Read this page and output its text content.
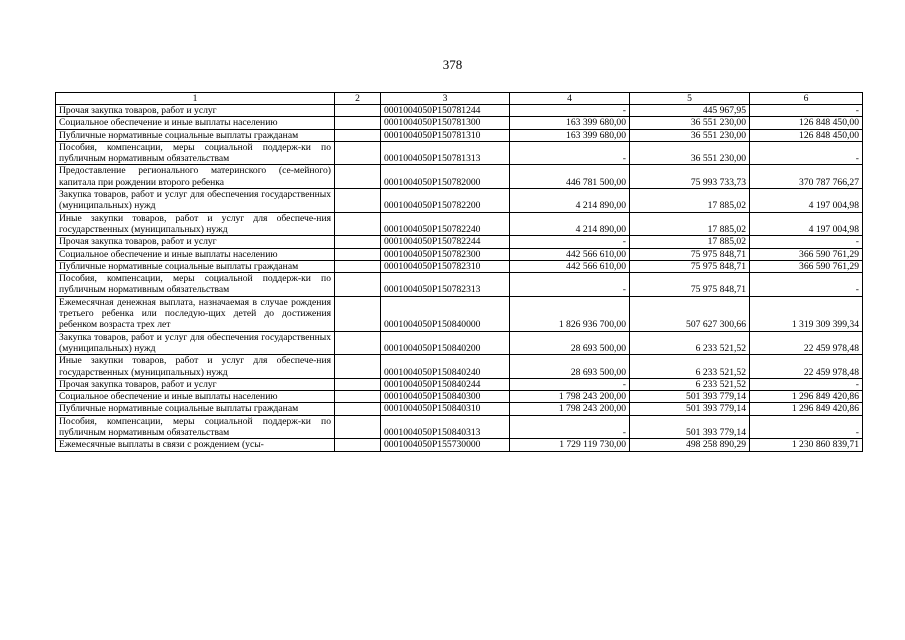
378
1	2	3	4	5	6
Прочая закупка товаров, работ и услуг		0001004050P150781244	-	445 967,95	-
Социальное обеспечение и иные выплаты населению		0001004050P150781300	163 399 680,00	36 551 230,00	126 848 450,00
Публичные нормативные социальные выплаты гражданам		0001004050P150781310	163 399 680,00	36 551 230,00	126 848 450,00
Пособия, компенсации, меры социальной поддерж-ки по публичным нормативным обязательствам		0001004050P150781313	-	36 551 230,00	-
Предоставление регионального материнского (се-мейного) капитала при рождении второго ребенка		0001004050P150782000	446 781 500,00	75 993 733,73	370 787 766,27
Закупка товаров, работ и услуг для обеспечения государственных (муниципальных) нужд		0001004050P150782200	4 214 890,00	17 885,02	4 197 004,98
Иные закупки товаров, работ и услуг для обеспече-ния государственных (муниципальных) нужд		0001004050P150782240	4 214 890,00	17 885,02	4 197 004,98
Прочая закупка товаров, работ и услуг		0001004050P150782244	-	17 885,02	-
Социальное обеспечение и иные выплаты населению		0001004050P150782300	442 566 610,00	75 975 848,71	366 590 761,29
Публичные нормативные социальные выплаты гражданам		0001004050P150782310	442 566 610,00	75 975 848,71	366 590 761,29
Пособия, компенсации, меры социальной поддерж-ки по публичным нормативным обязательствам		0001004050P150782313	-	75 975 848,71	-
Ежемесячная денежная выплата, назначаемая в случае рождения третьего ребенка или последую-щих детей до достижения ребенком возраста трех лет		0001004050P150840000	1 826 936 700,00	507 627 300,66	1 319 309 399,34
Закупка товаров, работ и услуг для обеспечения государственных (муниципальных) нужд		0001004050P150840200	28 693 500,00	6 233 521,52	22 459 978,48
Иные закупки товаров, работ и услуг для обеспече-ния государственных (муниципальных) нужд		0001004050P150840240	28 693 500,00	6 233 521,52	22 459 978,48
Прочая закупка товаров, работ и услуг		0001004050P150840244	-	6 233 521,52	-
Социальное обеспечение и иные выплаты населению		0001004050P150840300	1 798 243 200,00	501 393 779,14	1 296 849 420,86
Публичные нормативные социальные выплаты гражданам		0001004050P150840310	1 798 243 200,00	501 393 779,14	1 296 849 420,86
Пособия, компенсации, меры социальной поддерж-ки по публичным нормативным обязательствам		0001004050P150840313	-	501 393 779,14	-
Ежемесячные выплаты в связи с рождением (усы-		0001004050P155730000	1 729 119 730,00	498 258 890,29	1 230 860 839,71
